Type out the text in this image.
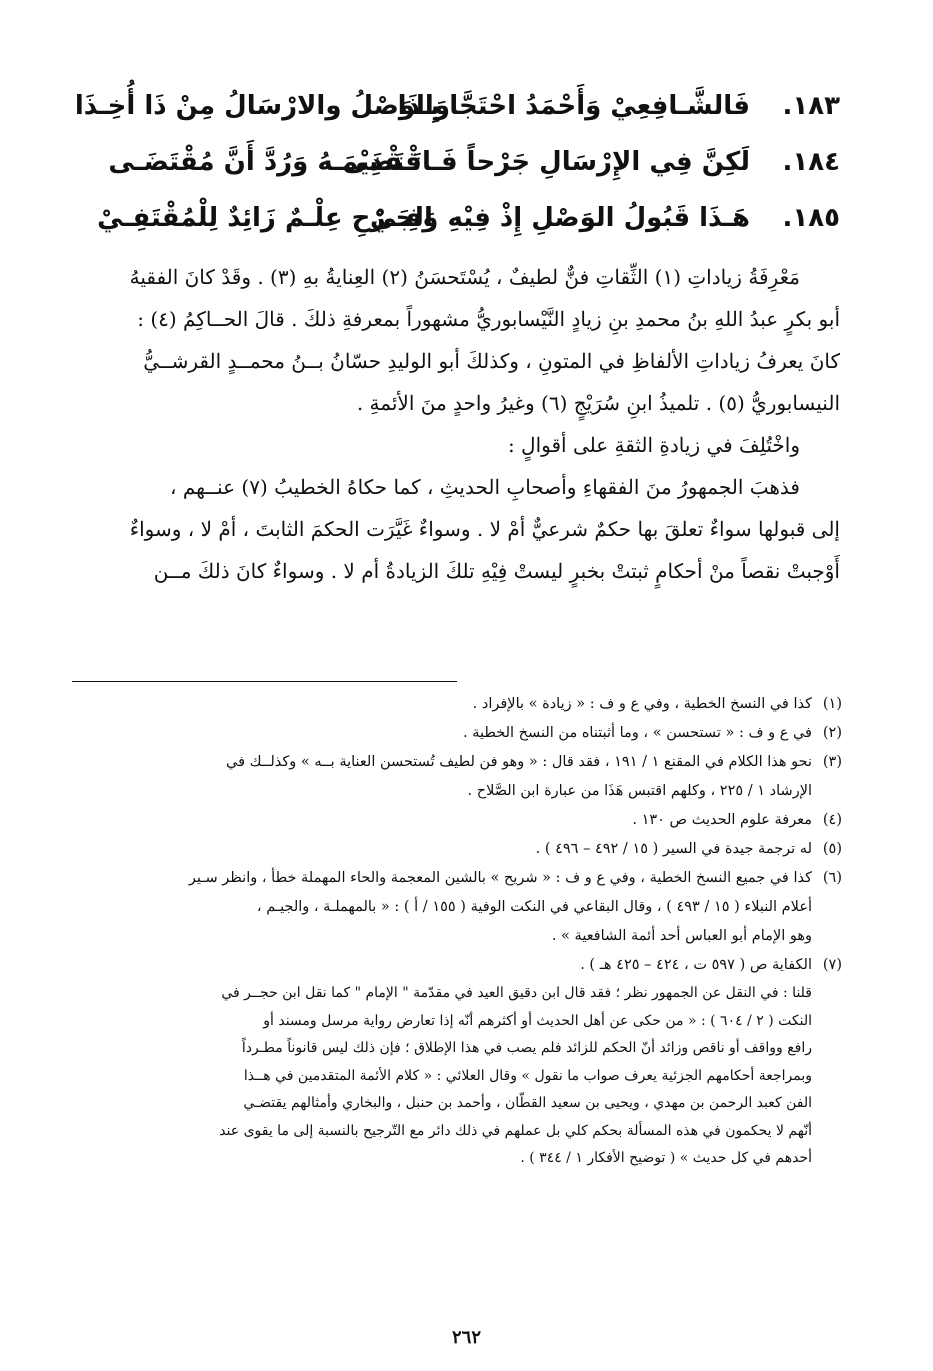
١٨٣.
فَالشَّـافِعِيْ وَأَحْمَدُ احْتَجَّا بِـذَا
وَالوَصْلُ والارْسَالُ مِنْ ذَا أُخِـذَا
١٨٤.
لَكِنَّ فِي الإِرْسَالِ جَرْحاً فَـاقْتَضَى
تَـقْدِيْمَـهُ وَرُدَّ أَنَّ مُقْتَضَـى
١٨٥.
هَـذَا قَبُولُ الوَصْلِ إِذْ فِيْهِ وَفِـيْ
الجَـرْحِ عِلْـمٌ زَائِدٌ لِلْمُقْتَفِـيْ

مَعْرِفَةُ زياداتِ (١) الثِّقاتِ فنٌّ لطيفٌ ، يُسْتَحسَنُ (٢) العِنايةُ بهِ (٣) . وقَدْ كانَ الفقيهُ

أبو بكرٍ عبدُ اللهِ بنُ محمدِ بنِ زيادٍ النَّيْسابوريُّ مشهوراً بمعرفةِ ذلكَ . قالَ الحــاكِمُ (٤) :

كانَ يعرفُ زياداتِ الألفاظِ في المتونِ ، وكذلكَ أبو الوليدِ حسّانُ بــنُ محمــدٍ القرشــيُّ

النيسابوريُّ (٥) . تلميذُ ابنِ سُرَيْجٍ (٦) وغيرُ واحدٍ منَ الأئمةِ .

واخْتُلِفَ في زيادةِ الثقةِ على أقوالٍ :

فذهبَ الجمهورُ منَ الفقهاءِ وأصحابِ الحديثِ ، كما حكاهُ الخطيبُ (٧) عنــهم ،

إلى قبولها سواءٌ تعلقَ بها حكمٌ شرعيٌّ أمْ لا . وسواءٌ غَيَّرَت الحكمَ الثابتَ ، أمْ لا ، وسواءٌ

أَوْجبتْ نقصاً منْ أحكامٍ ثبتتْ بخبرٍ ليستْ فِيْهِ تلكَ الزيادةُ أم لا . وسواءٌ كانَ ذلكَ مــن

(١)
كذا في النسخ الخطية ، وفي ع و ف : « زيادة » بالإفراد .
(٢)
في ع و ف : « تستحسن » ، وما أثبتناه من النسخ الخطية .
(٣)
نحو هذا الكلام في المقنع ١ / ١٩١ ، فقد قال : « وهو فن لطيف تُستحسن العناية بــه » وكذلــك في
الإرشاد ١ / ٢٢٥ ، وكلهم اقتبس هَذَا من عبارة ابن الصَّلاح .
(٤)
معرفة علوم الحديث ص ١٣٠ .
(٥)
له ترجمة جيدة في السير ( ١٥ / ٤٩٢ – ٤٩٦ ) .
(٦)
كذا في جميع النسخ الخطية ، وفي ع و ف : « شريح » بالشين المعجمة والحاء المهملة خطأ ، وانظر سـير
أعلام النبلاء ( ١٥ / ٤٩٣ ) ، وقال البقاعي في النكت الوفية ( ١٥٥ / أ ) : « بالمهملـة ، والجيـم ،
وهو الإمام أبو العباس أحد أئمة الشافعية » .
(٧)
الكفاية ص ( ٥٩٧ ت ، ٤٢٤ – ٤٢٥ هـ ) .
قلنا : في النقل عن الجمهور نظر ؛ فقد قال ابن دقيق العيد في مقدّمة " الإمام " كما نقل ابن حجــر في
النكت ( ٢ / ٦٠٤ ) : « من حكى عن أهل الحديث أو أكثرهم أنّه إذا تعارض رواية مرسل ومسند أو
رافع وواقف أو ناقص وزائد أنّ الحكم للزائد فلم يصب في هذا الإطلاق ؛ فإن ذلك ليس قانوناً مطـرداً
وبمراجعة أحكامهم الجزئية يعرف صواب ما نقول » وقال العلائي : « كلام الأئمة المتقدمين في هــذا
الفن كعبد الرحمن بن مهدي ، ويحيى بن سعيد القطّان ، وأحمد بن حنبل ، والبخاري وأمثالهم يقتضـي
أنّهم لا يحكمون في هذه المسألة بحكم كلي بل عملهم في ذلك دائر مع التّرجيح بالنسبة إلى ما يقوى عند
أحدهم في كل حديث » ( توضيح الأفكار ١ / ٣٤٤ ) .
٢٦٢
